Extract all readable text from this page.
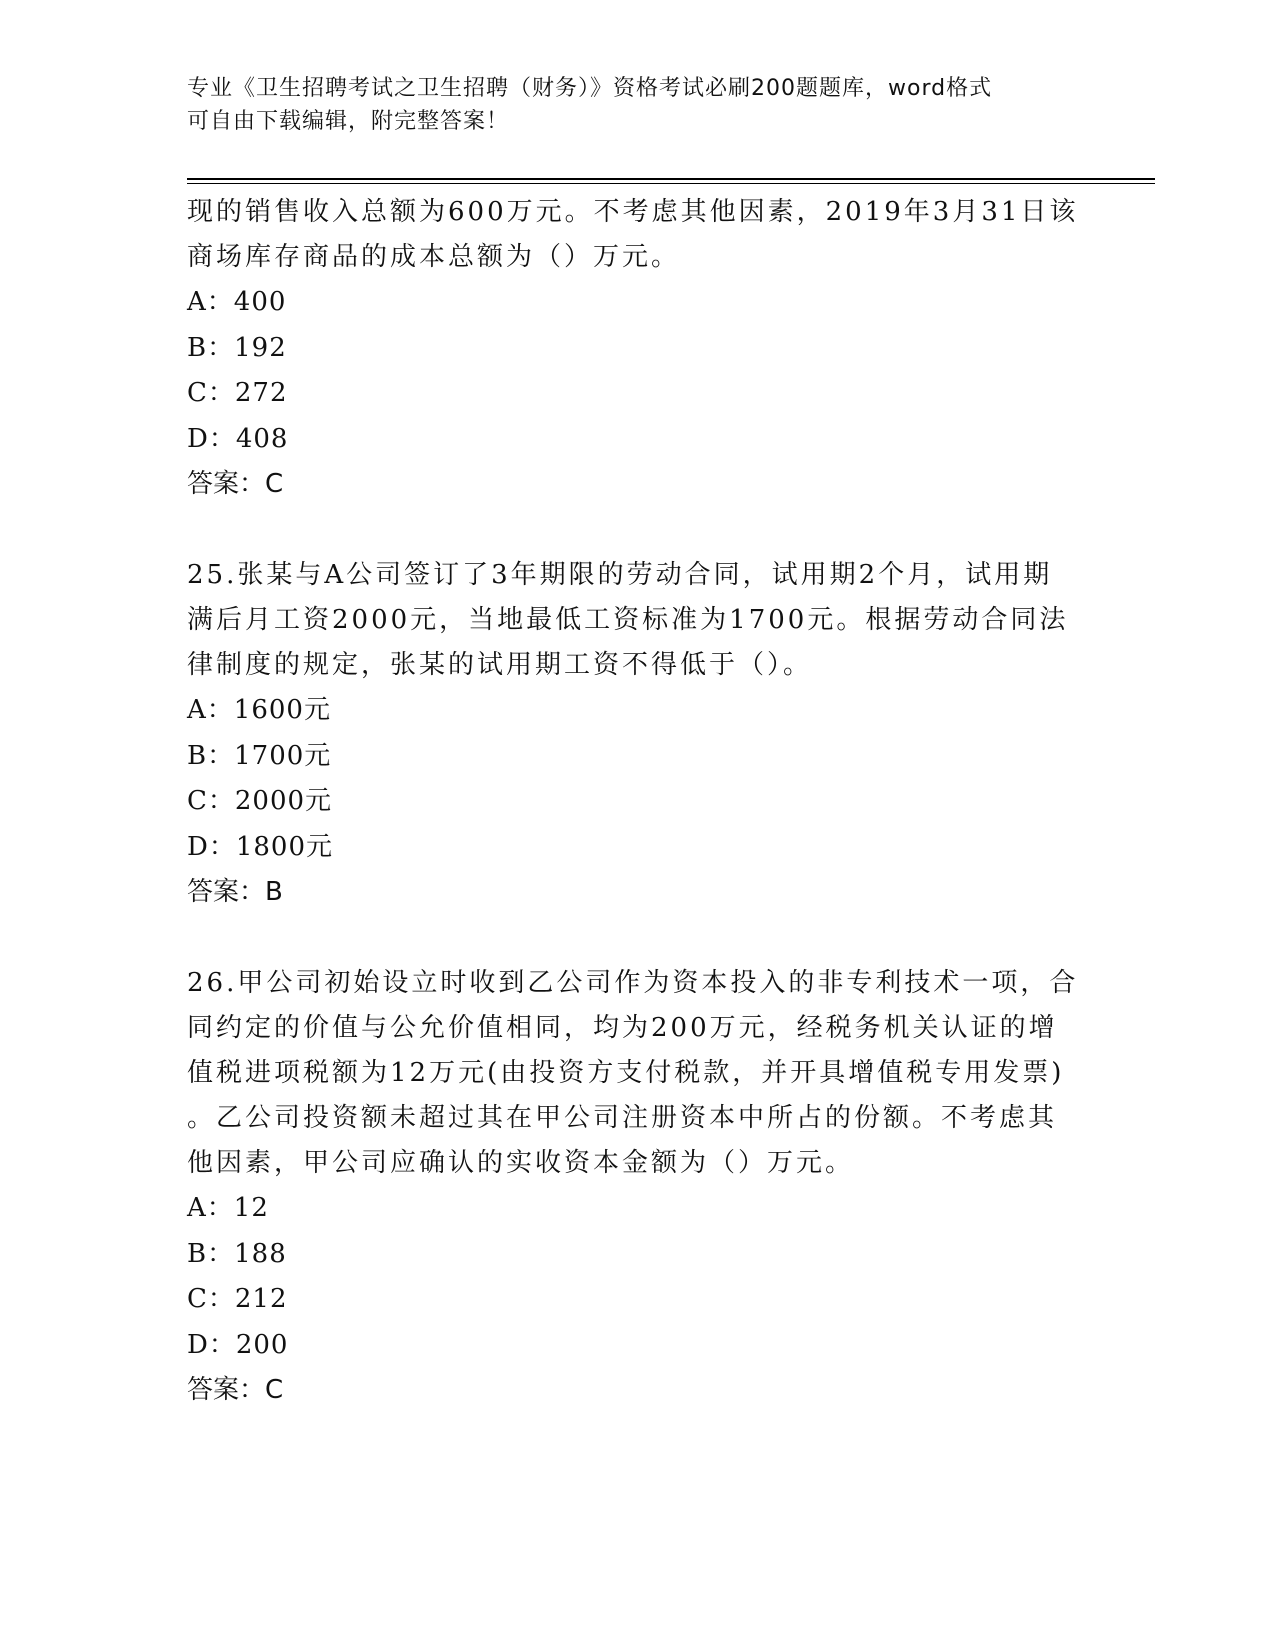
专业《卫生招聘考试之卫生招聘（财务）》资格考试必刷200题题库，word格式
可自由下载编辑，附完整答案！

现的销售收入总额为600万元。不考虑其他因素，2019年3月31日该

商场库存商品的成本总额为（）万元。

A：400

B：192

C：272

D：408

答案：C

25.张某与A公司签订了3年期限的劳动合同，试用期2个月，试用期

满后月工资2000元，当地最低工资标准为1700元。根据劳动合同法

律制度的规定，张某的试用期工资不得低于（）。

A：1600元

B：1700元

C：2000元

D：1800元

答案：B

26.甲公司初始设立时收到乙公司作为资本投入的非专利技术一项，合

同约定的价值与公允价值相同，均为200万元，经税务机关认证的增

值税进项税额为12万元(由投资方支付税款，并开具增值税专用发票)

。乙公司投资额未超过其在甲公司注册资本中所占的份额。不考虑其

他因素，甲公司应确认的实收资本金额为（）万元。

A：12

B：188

C：212

D：200

答案：C
